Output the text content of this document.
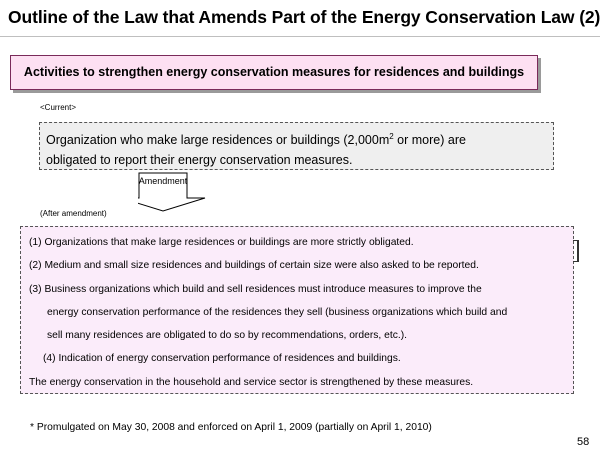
Outline of the Law that Amends Part of the Energy Conservation Law (2)
Activities to strengthen energy conservation measures for residences and buildings
<Current>
Organization who make large residences or buildings ($2,000m^2$ or more) are
obligated to report their energy conservation measures.
Amendment
(After amendment)
(1) Organizations that make large residences or buildings are more strictly obligated.
(2) Medium and small size residences and buildings of certain size were also asked to be reported.
(3) Business organizations which build and sell residences must introduce measures to improve the
energy conservation performance of the residences they sell (business organizations which build and
sell many residences are obligated to do so by recommendations, orders, etc.).
(4) Indication of energy conservation performance of residences and buildings.
The energy conservation in the household and service sector is strengthened by these measures.
* Promulgated on May 30, 2008 and enforced on April 1, 2009 (partially on April 1, 2010)
58
